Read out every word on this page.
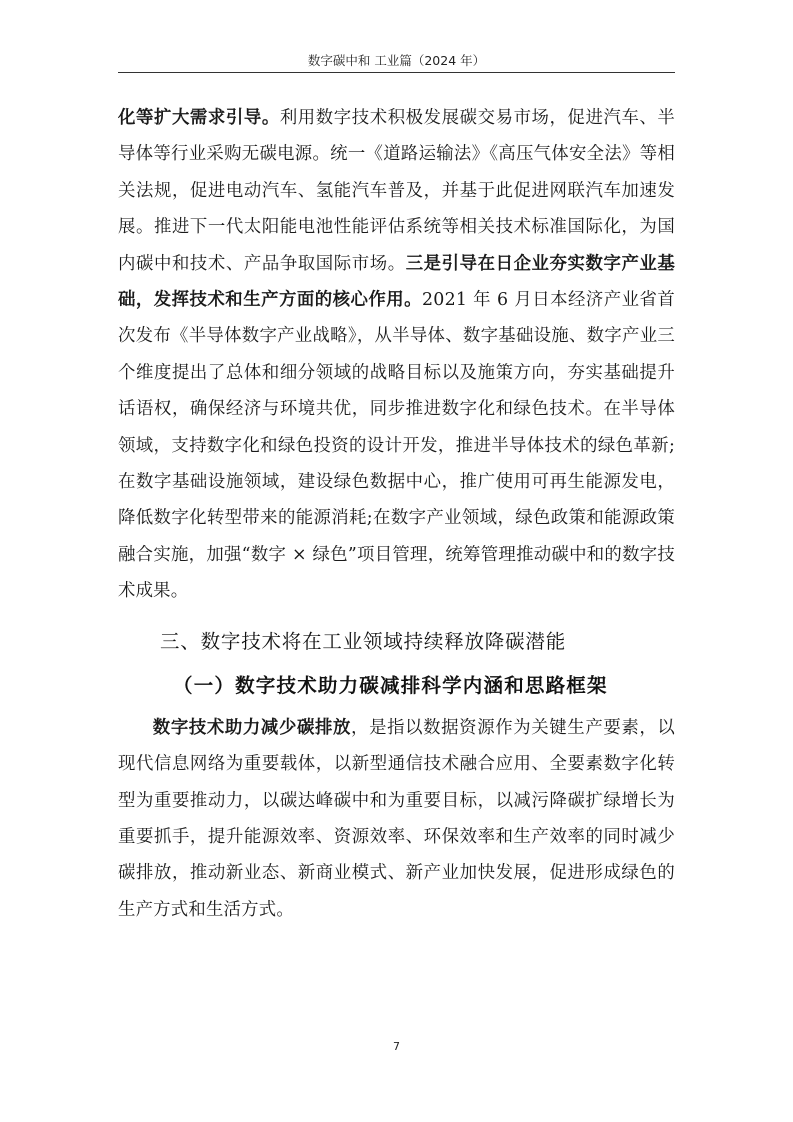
数字碳中和 工业篇（2024 年）

化等扩大需求引导。利用数字技术积极发展碳交易市场，促进汽车、半导体等行业采购无碳电源。统一《道路运输法》《高压气体安全法》等相关法规，促进电动汽车、氢能汽车普及，并基于此促进网联汽车加速发展。推进下一代太阳能电池性能评估系统等相关技术标准国际化，为国内碳中和技术、产品争取国际市场。三是引导在日企业夯实数字产业基础，发挥技术和生产方面的核心作用。2021 年 6 月日本经济产业省首次发布《半导体数字产业战略》，从半导体、数字基础设施、数字产业三个维度提出了总体和细分领域的战略目标以及施策方向，夯实基础提升话语权，确保经济与环境共优，同步推进数字化和绿色技术。在半导体领域，支持数字化和绿色投资的设计开发，推进半导体技术的绿色革新;在数字基础设施领域，建设绿色数据中心，推广使用可再生能源发电，降低数字化转型带来的能源消耗;在数字产业领域，绿色政策和能源政策融合实施，加强“数字 × 绿色”项目管理，统筹管理推动碳中和的数字技术成果。

三、数字技术将在工业领域持续释放降碳潜能
（一）数字技术助力碳减排科学内涵和思路框架

数字技术助力减少碳排放，是指以数据资源作为关键生产要素，以现代信息网络为重要载体，以新型通信技术融合应用、全要素数字化转型为重要推动力，以碳达峰碳中和为重要目标，以减污降碳扩绿增长为重要抓手，提升能源效率、资源效率、环保效率和生产效率的同时减少碳排放，推动新业态、新商业模式、新产业加快发展，促进形成绿色的生产方式和生活方式。

7
